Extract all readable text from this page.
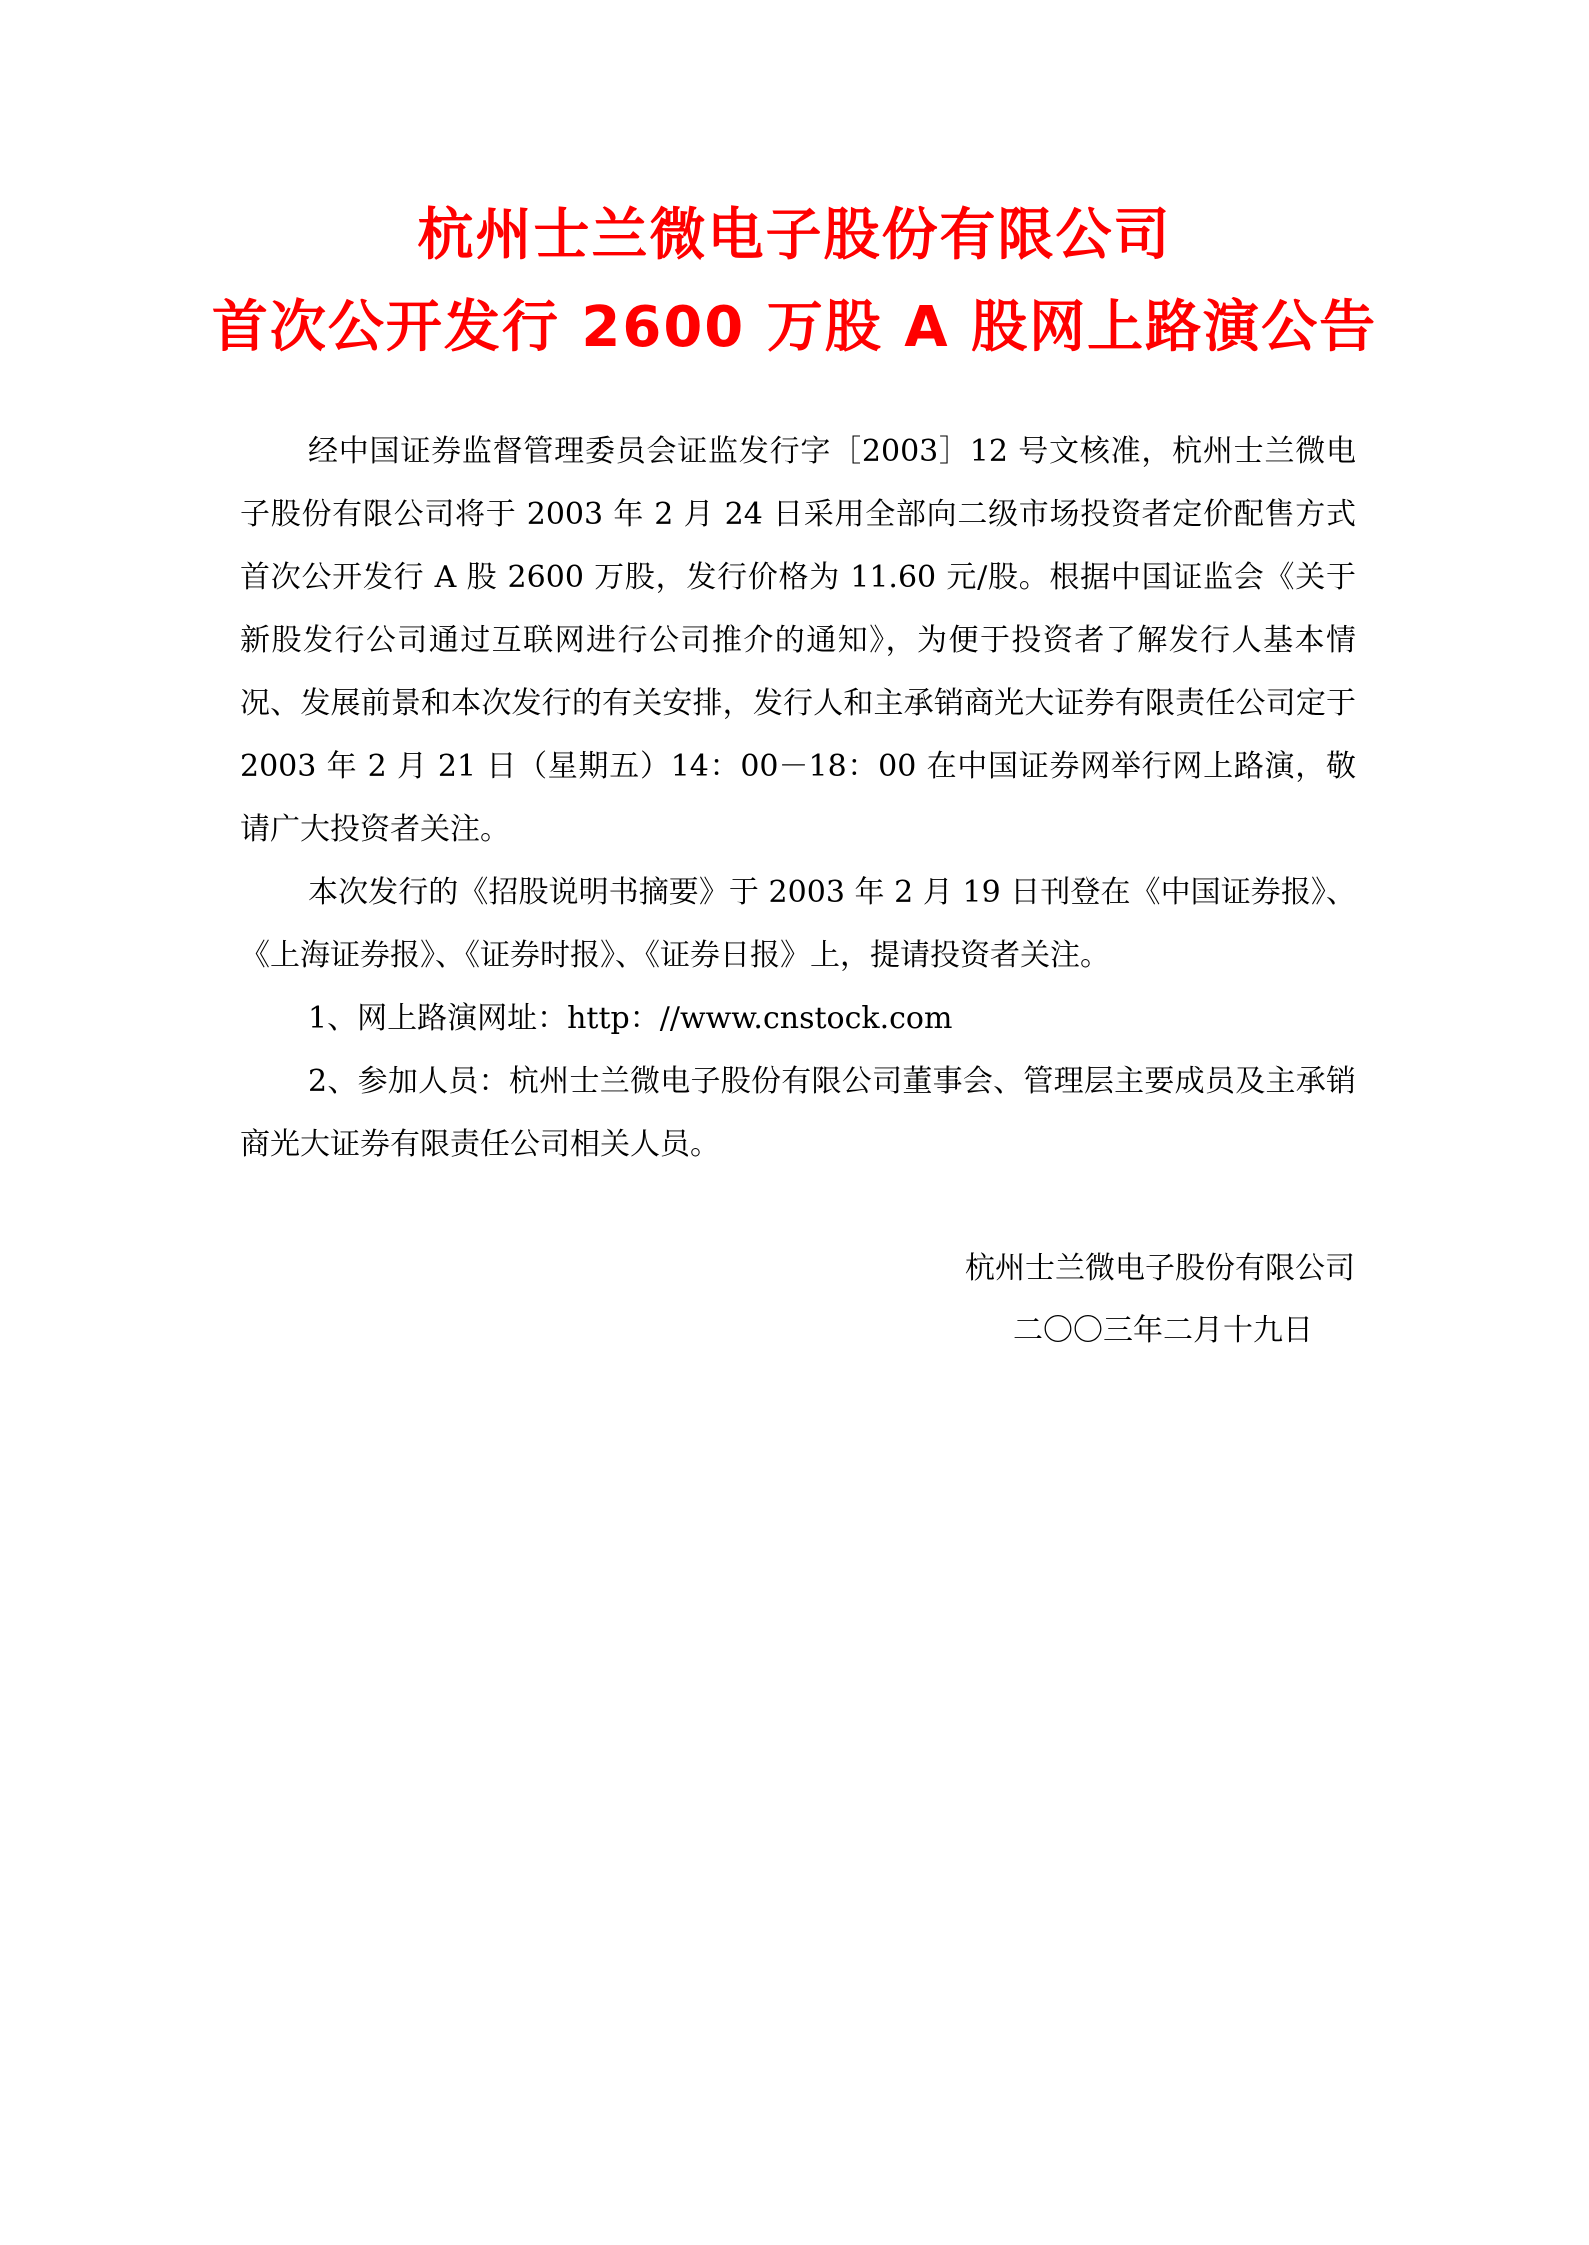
杭州士兰微电子股份有限公司
首次公开发行 2600 万股 A 股网上路演公告

经中国证券监督管理委员会证监发行字［2003］12 号文核准，杭州士兰微电子股份有限公司将于 2003 年 2 月 24 日采用全部向二级市场投资者定价配售方式首次公开发行 A 股 2600 万股，发行价格为 11.60 元/股。根据中国证监会《关于新股发行公司通过互联网进行公司推介的通知》，为便于投资者了解发行人基本情况、发展前景和本次发行的有关安排，发行人和主承销商光大证券有限责任公司定于 2003 年 2 月 21 日（星期五）14：00－18：00 在中国证券网举行网上路演，敬请广大投资者关注。

本次发行的《招股说明书摘要》于 2003 年 2 月 19 日刊登在《中国证券报》、《上海证券报》、《证券时报》、《证券日报》上，提请投资者关注。

1、网上路演网址：http：//www.cnstock.com

2、参加人员：杭州士兰微电子股份有限公司董事会、管理层主要成员及主承销商光大证券有限责任公司相关人员。

杭州士兰微电子股份有限公司
二〇〇三年二月十九日
